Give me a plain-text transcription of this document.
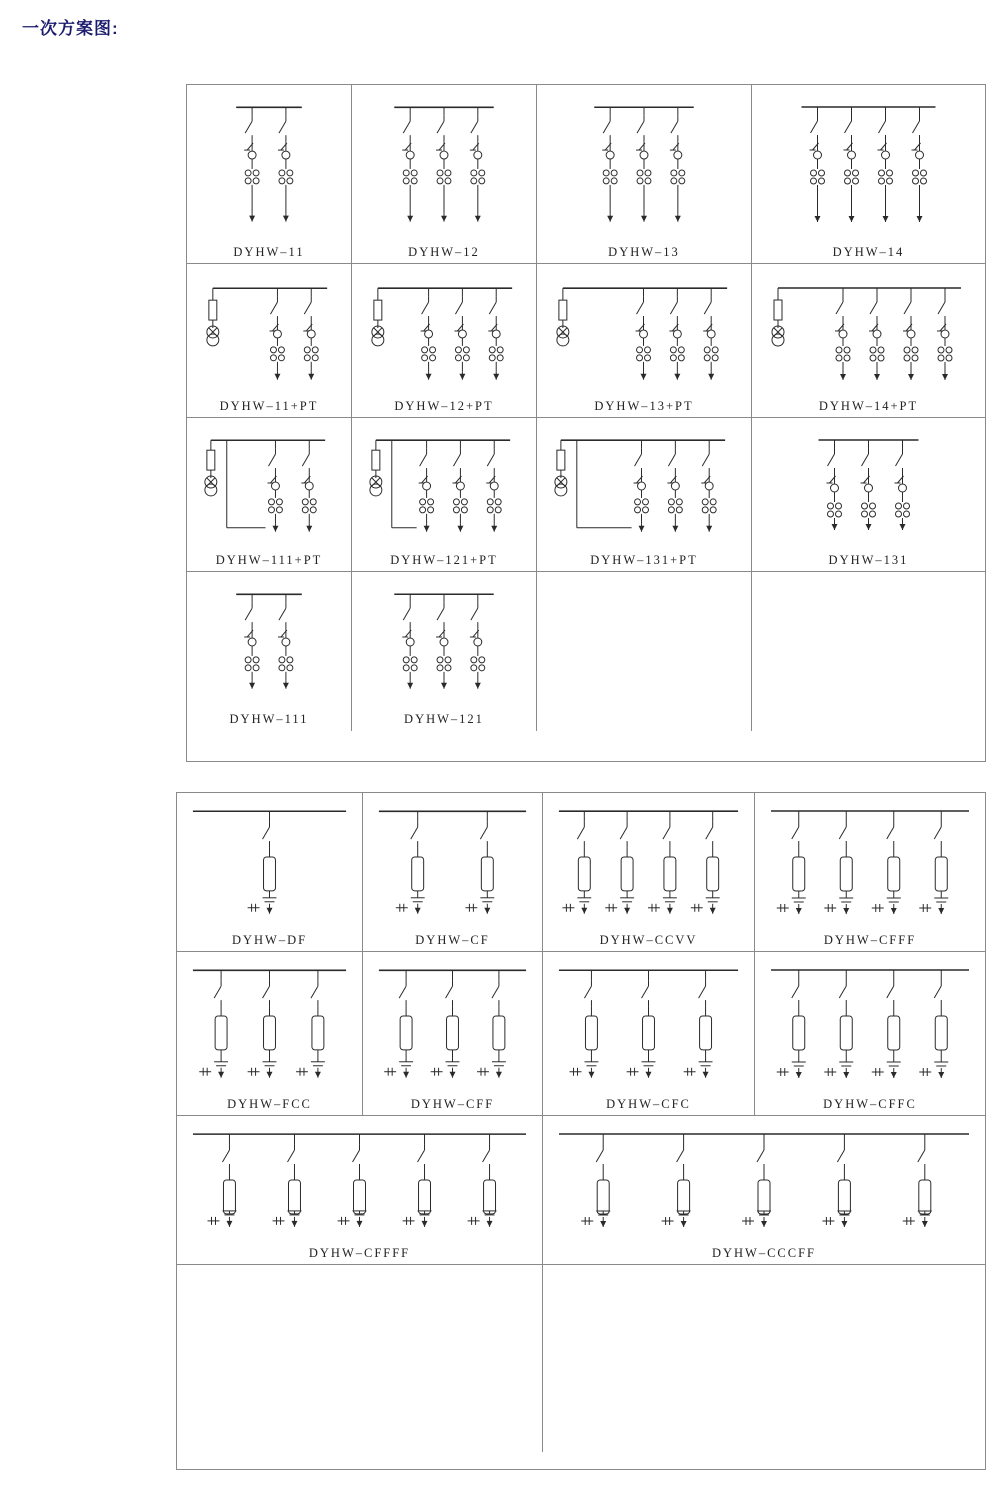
一次方案图:
DYHW–11	DYHW–12	DYHW–13	DYHW–14
DYHW–11+PT	DYHW–12+PT	DYHW–13+PT	DYHW–14+PT
DYHW–111+PT	DYHW–121+PT	DYHW–131+PT	DYHW–131
DYHW–111	DYHW–121
DYHW–DF	DYHW–CF	DYHW–CCVV	DYHW–CFFF
DYHW–FCC	DYHW–CFF	DYHW–CFC	DYHW–CFFC
DYHW–CFFFF	DYHW–CCCFF
